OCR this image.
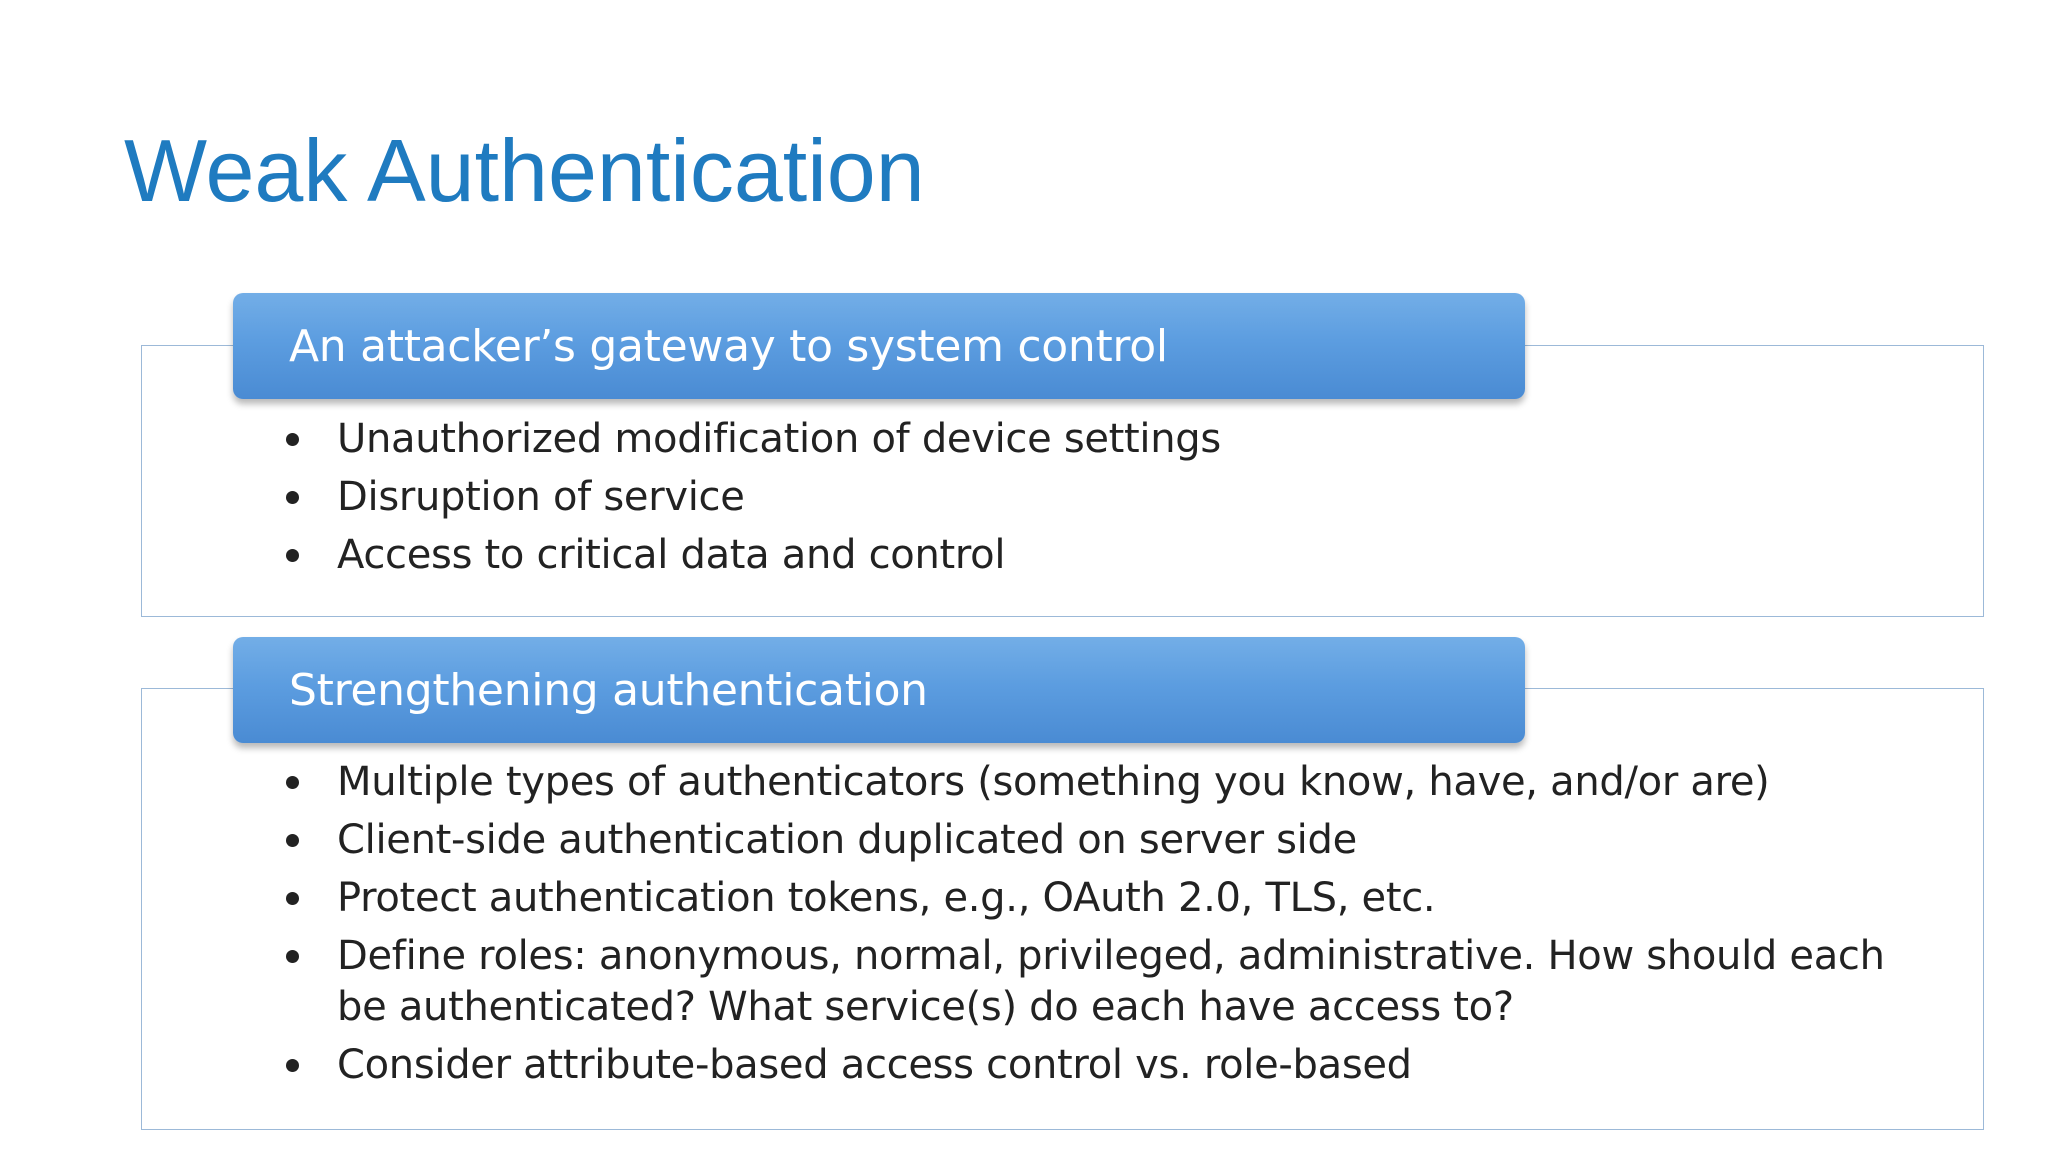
Weak Authentication
An attacker’s gateway to system control
Unauthorized modification of device settings
Disruption of service
Access to critical data and control
Strengthening authentication
Multiple types of authenticators (something you know, have, and/or are)
Client-side authentication duplicated on server side
Protect authentication tokens, e.g., OAuth 2.0, TLS, etc.
Define roles: anonymous, normal, privileged, administrative. How should each be authenticated? What service(s) do each have access to?
Consider attribute-based access control vs. role-based
